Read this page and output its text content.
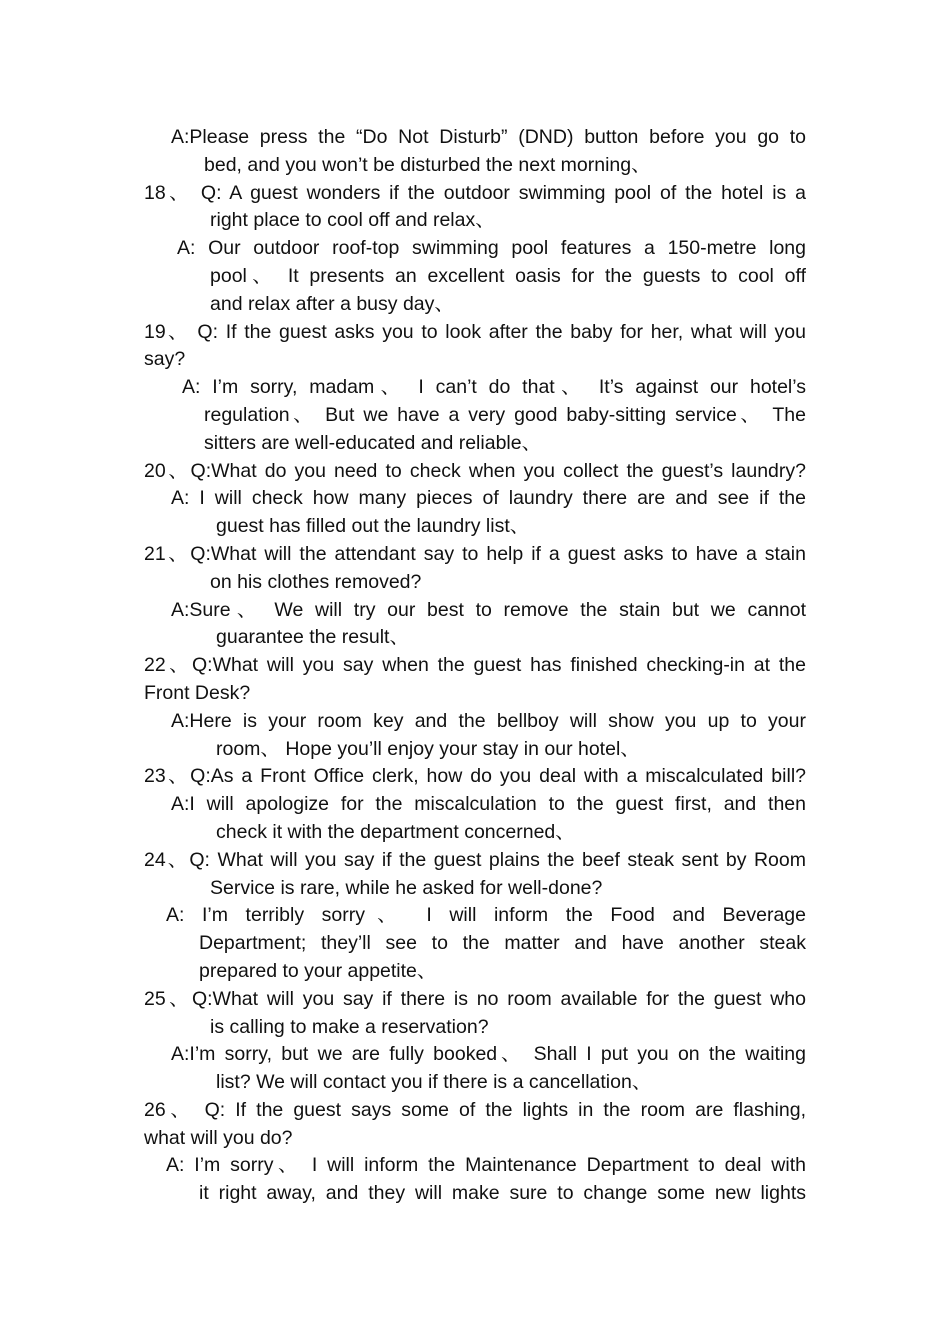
A:Please press the “Do Not Disturb” (DND) button before you go to
bed, and you won’t be disturbed the next morning、
18、 Q: A guest wonders if the outdoor swimming pool of the hotel is a
right place to cool off and relax、
A: Our outdoor roof-top swimming pool features a 150-metre long
pool、 It presents an excellent oasis for the guests to cool off
and relax after a busy day、
19、 Q: If the guest asks you to look after the baby for her, what will you
say?
A: I’m sorry, madam、 I can’t do that、 It’s against our hotel’s
regulation、 But we have a very good baby-sitting service、 The
sitters are well-educated and reliable、
20、Q:What do you need to check when you collect the guest’s laundry?
A: I will check how many pieces of laundry there are and see if the
guest has filled out the laundry list、
21、Q:What will the attendant say to help if a guest asks to have a stain
on his clothes removed?
A:Sure、 We will try our best to remove the stain but we cannot
guarantee the result、
22、Q:What will you say when the guest has finished checking-in at the
Front Desk?
A:Here is your room key and the bellboy will show you up to your
room、 Hope you’ll enjoy your stay in our hotel、
23、Q:As a Front Office clerk, how do you deal with a miscalculated bill?
A:I will apologize for the miscalculation to the guest first, and then
check it with the department concerned、
24、Q: What will you say if the guest plains the beef steak sent by Room
Service is rare, while he asked for well-done?
A: I’m terribly sorry、 I will inform the Food and Beverage
Department; they’ll see to the matter and have another steak
prepared to your appetite、
25、Q:What will you say if there is no room available for the guest who
is calling to make a reservation?
A:I’m sorry, but we are fully booked、 Shall I put you on the waiting
list? We will contact you if there is a cancellation、
26、 Q: If the guest says some of the lights in the room are flashing,
what will you do?
A: I’m sorry、 I will inform the Maintenance Department to deal with
it right away, and they will make sure to change some new lights
